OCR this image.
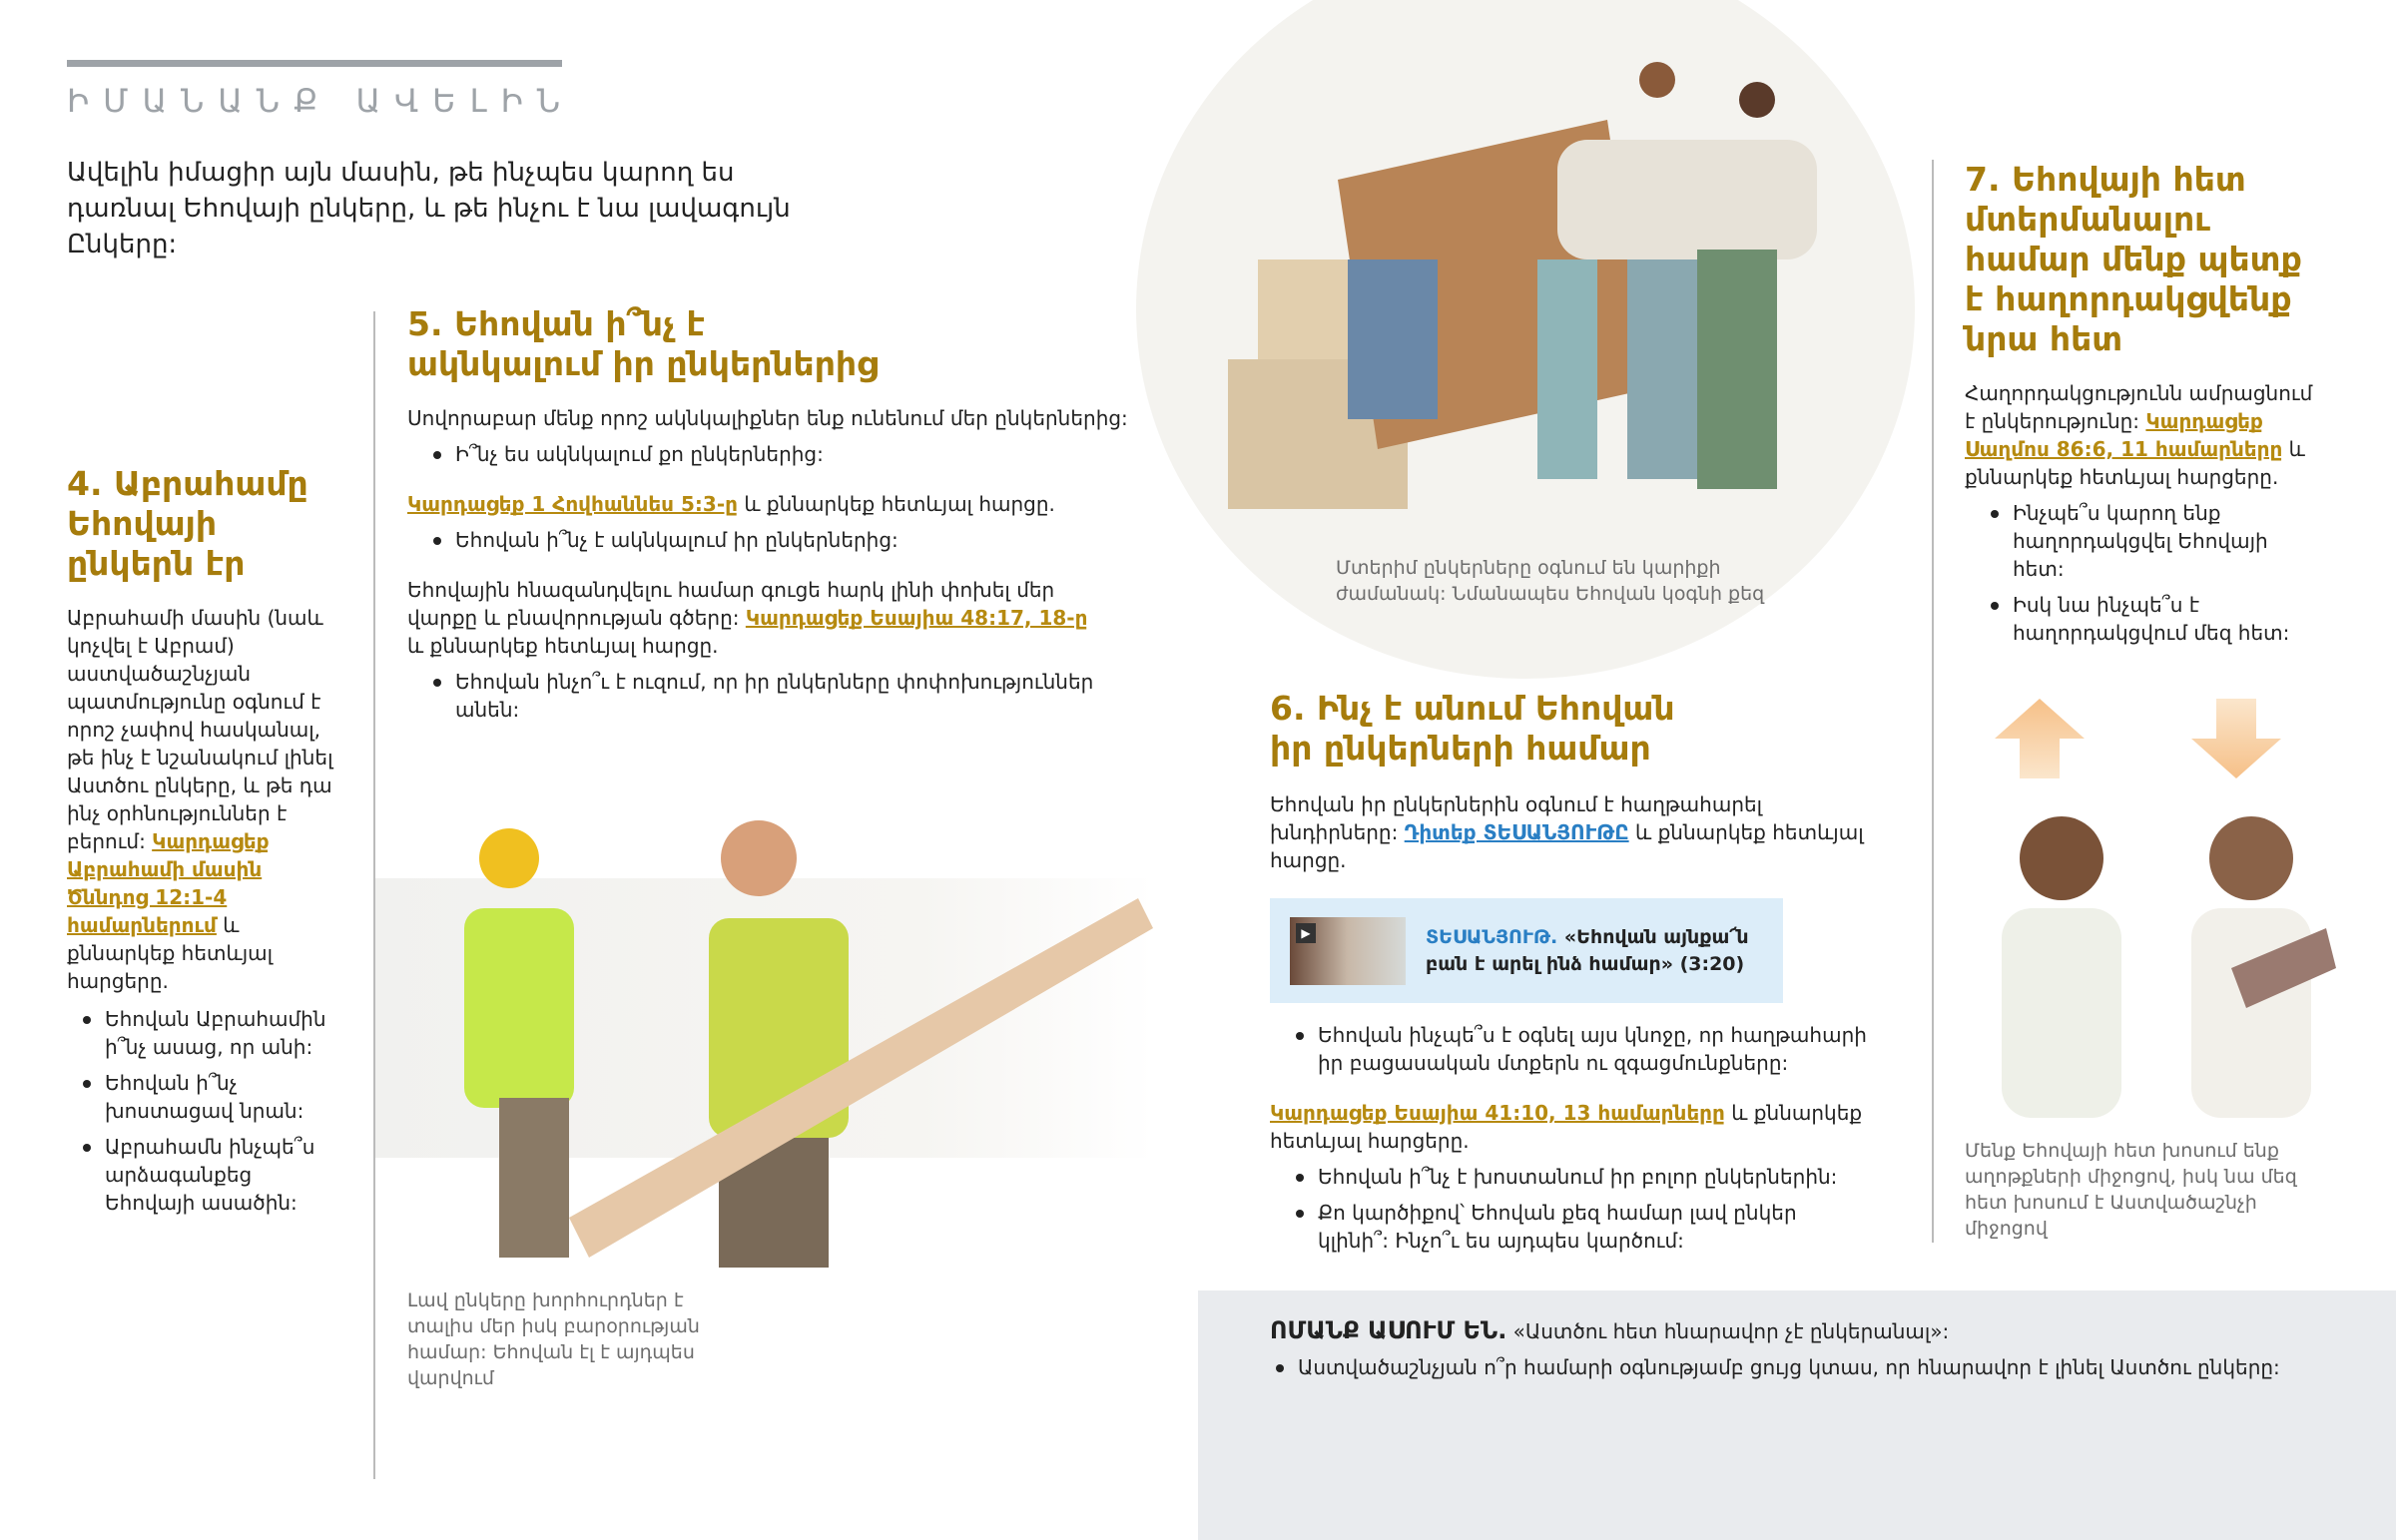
ԻՄԱՆԱՆՔ ԱՎԵԼԻՆ
Ավելին իմացիր այն մասին, թե ինչպես կարող ես դառնալ Եհովայի ընկերը, և թե ինչու է նա լավագույն Ընկերը:
4. Աբրահամը Եհովայի ընկերն էր

Աբրահամի մասին (նաև կոչվել է Աբրամ) աստվածաշնչյան պատմությունը օգնում է որոշ չափով հասկանալ, թե ինչ է նշանակում լինել Աստծու ընկերը, և թե դա ինչ օրհնություններ է բերում: Կարդացեք Աբրահամի մասին Ծննդոց 12:1-4 համարներում և քննարկեք հետևյալ հարցերը.

Եհովան Աբրահամին ի՞նչ ասաց, որ անի:
Եհովան ի՞նչ խոստացավ նրան:
Աբրահամն ինչպե՞ս արձագանքեց Եհովայի ասածին:
5. Եհովան ի՞նչ է ակնկալում իր ընկերներից

Սովորաբար մենք որոշ ակնկալիքներ ենք ունենում մեր ընկերներից:

Ի՞նչ ես ակնկալում քո ընկերներից:

Կարդացեք 1 Հովհաննես 5:3-ը և քննարկեք հետևյալ հարցը.

Եհովան ի՞նչ է ակնկալում իր ընկերներից:

Եհովային հնազանդվելու համար գուցե հարկ լինի փոխել մեր վարքը և բնավորության գծերը: Կարդացեք Եսայիա 48:17, 18-ը և քննարկեք հետևյալ հարցը.

Եհովան ինչո՞ւ է ուզում, որ իր ընկերները փոփոխություններ անեն:
Լավ ընկերը խորհուրդներ է տալիս մեր իսկ բարօրության համար: Եհովան էլ է այդպես վարվում
Մտերիմ ընկերները օգնում են կարիքի ժամանակ: Նմանապես Եհովան կօգնի քեզ
6. Ինչ է անում Եհովան իր ընկերների համար

Եհովան իր ընկերներին օգնում է հաղթահարել խնդիրները: Դիտեք ՏԵՍԱՆՅՈՒԹԸ և քննարկեք հետևյալ հարցը.

▶	ՏԵՍԱՆՅՈՒԹ. «Եհովան այնքա՜ն բան է արել ինձ համար» (3:20)
Եհովան ինչպե՞ս է օգնել այս կնոջը, որ հաղթահարի իր բացասական մտքերն ու զգացմունքները:

Կարդացեք Եսայիա 41:10, 13 համարները և քննարկեք հետևյալ հարցերը.

Եհովան ի՞նչ է խոստանում իր բոլոր ընկերներին:
Քո կարծիքով՝ Եհովան քեզ համար լավ ընկեր կլինի՞: Ինչո՞ւ ես այդպես կարծում:
7. Եհովայի հետ մտերմանալու համար մենք պետք է հաղորդակցվենք նրա հետ

Հաղորդակցությունն ամրացնում է ընկերությունը: Կարդացեք Սաղմոս 86:6, 11 համարները և քննարկեք հետևյալ հարցերը.

Ինչպե՞ս կարող ենք հաղորդակցվել Եհովայի հետ:
Իսկ նա ինչպե՞ս է հաղորդակցվում մեզ հետ:
Մենք Եհովայի հետ խոսում ենք աղոթքների միջոցով, իսկ նա մեզ հետ խոսում է Աստվածաշնչի միջոցով

ՈՄԱՆՔ ԱՍՈՒՄ ԵՆ. «Աստծու հետ հնարավոր չէ ընկերանալ»:

Աստվածաշնչյան ո՞ր համարի օգնությամբ ցույց կտաս, որ հնարավոր է լինել Աստծու ընկերը:
